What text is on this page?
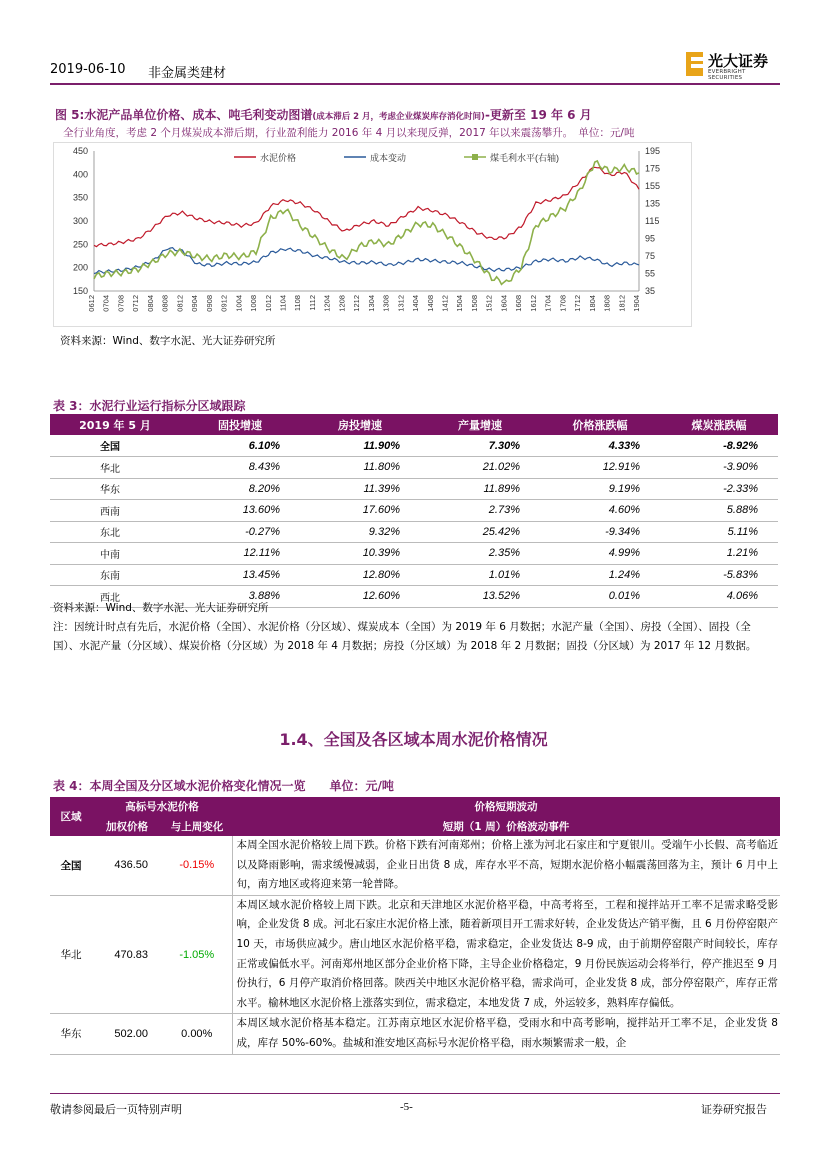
2019-06-10 非金属类建材
光大证券
EVERBRIGHT SECURITIES
图 5:水泥产品单位价格、成本、吨毛利变动图谱(成本滞后 2 月，考虑企业煤炭库存消化时间)-更新至 19 年 6 月
全行业角度，考虑 2 个月煤炭成本滞后期，行业盈利能力 2016 年 4 月以来现反弹，2017 年以来震荡攀升。　单位：元/吨
450
400
350
300
250
200
150
195
175
155
135
115
95
75
55
35
0612 0704 0708 0712 0804 0808 0812 0904 0908 0912 1004 1008 1012 1104 1108 1112 1204 1208 1212 1304 1308 1312 1404 1408 1412 1504 1508 1512 1604 1608 1612 1704 1708 1712 1804 1808 1812 1904
水泥价格	成本变动	煤毛利水平(右轴)
资料来源：Wind、数字水泥、光大证券研究所
表 3：水泥行业运行指标分区域跟踪
2019 年 5 月	固投增速	房投增速	产量增速	价格涨跌幅	煤炭涨跌幅
全国	6.10%	11.90%	7.30%	4.33%	-8.92%
华北	8.43%	11.80%	21.02%	12.91%	-3.90%
华东	8.20%	11.39%	11.89%	9.19%	-2.33%
西南	13.60%	17.60%	2.73%	4.60%	5.88%
东北	-0.27%	9.32%	25.42%	-9.34%	5.11%
中南	12.11%	10.39%	2.35%	4.99%	1.21%
东南	13.45%	12.80%	1.01%	1.24%	-5.83%
西北	3.88%	12.60%	13.52%	0.01%	4.06%
资料来源：Wind、数字水泥、光大证券研究所
注：因统计时点有先后，水泥价格（全国）、水泥价格（分区域）、煤炭成本（全国）为 2019 年 6 月数据；水泥产量（全国）、房投（全国）、固投（全国）、水泥产量（分区域）、煤炭价格（分区域）为 2018 年 4 月数据；房投（分区域）为 2018 年 2 月数据；固投（分区域）为 2017 年 12 月数据。
1.4、全国及各区域本周水泥价格情况
表 4：本周全国及分区域水泥价格变化情况一览　　单位：元/吨
区域	高标号水泥价格		价格短期波动
	加权价格	与上周变化	短期（1 周）价格波动事件
全国	436.50	-0.15%	本周全国水泥价格较上周下跌。价格下跌有河南郑州；价格上涨为河北石家庄和宁夏银川。受端午小长假、高考临近以及降雨影响，需求缓慢减弱，企业日出货 8 成，库存水平不高，短期水泥价格小幅震荡回落为主，预计 6 月中上旬，南方地区或将迎来第一轮普降。
华北	470.83	-1.05%	本周区域水泥价格较上周下跌。北京和天津地区水泥价格平稳，中高考将至，工程和搅拌站开工率不足需求略受影响，企业发货 8 成。河北石家庄水泥价格上涨，随着新项目开工需求好转，企业发货达产销平衡，且 6 月份停窑限产 10 天，市场供应减少。唐山地区水泥价格平稳，需求稳定，企业发货达 8-9 成，由于前期停窑限产时间较长，库存正常或偏低水平。河南郑州地区部分企业价格下降，主导企业价格稳定，9 月份民族运动会将举行，停产推迟至 9 月份执行，6 月停产取消价格回落。陕西关中地区水泥价格平稳，需求尚可，企业发货 8 成，部分停窑限产，库存正常水平。榆林地区水泥价格上涨落实到位，需求稳定，本地发货 7 成，外运较多，熟料库存偏低。
华东	502.00	0.00%	本周区域水泥价格基本稳定。江苏南京地区水泥价格平稳，受雨水和中高考影响，搅拌站开工率不足，企业发货 8 成，库存 50%-60%。盐城和淮安地区高标号水泥价格平稳，雨水频繁需求一般，企
敬请参阅最后一页特别声明	-5-	证券研究报告
